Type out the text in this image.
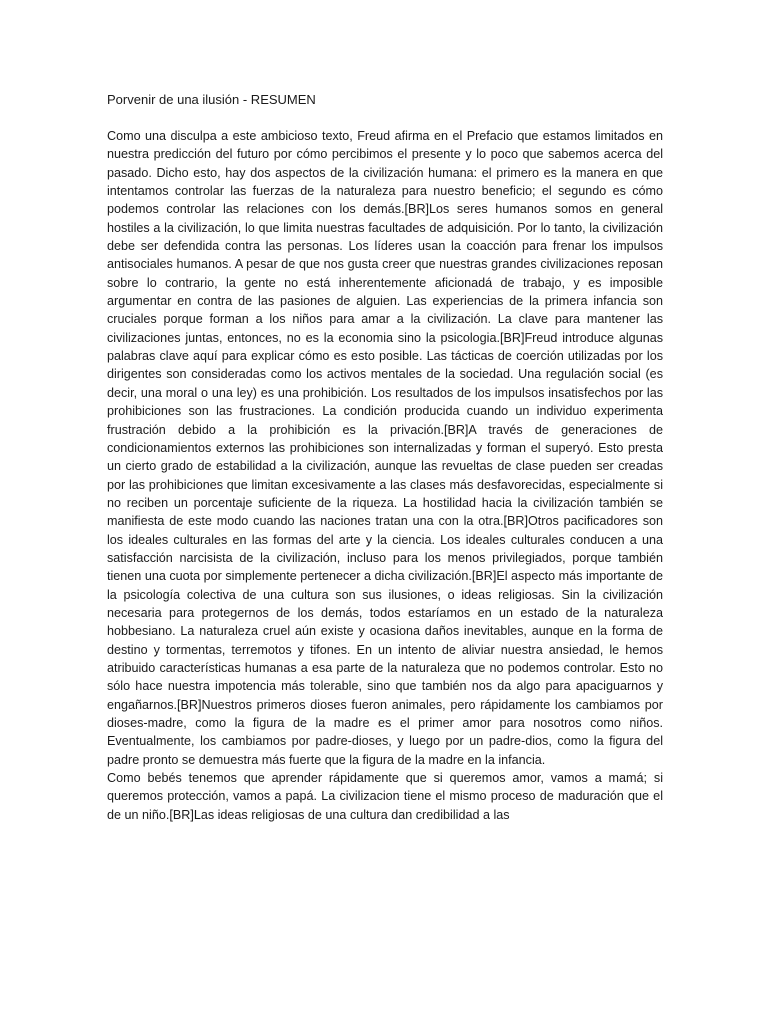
Porvenir de una ilusión - RESUMEN

Como una disculpa a este ambicioso texto, Freud afirma en el Prefacio que estamos limitados en nuestra predicción del futuro por cómo percibimos el presente y lo poco que sabemos acerca del pasado. Dicho esto, hay dos aspectos de la civilización humana: el primero es la manera en que intentamos controlar las fuerzas de la naturaleza para nuestro beneficio; el segundo es cómo podemos controlar las relaciones con los demás.[BR]Los seres humanos somos en general hostiles a la civilización, lo que limita nuestras facultades de adquisición. Por lo tanto, la civilización debe ser defendida contra las personas. Los líderes usan la coacción para frenar los impulsos antisociales humanos. A pesar de que nos gusta creer que nuestras grandes civilizaciones reposan sobre lo contrario, la gente no está inherentemente aficionadá de trabajo, y es imposible argumentar en contra de las pasiones de alguien. Las experiencias de la primera infancia son cruciales porque forman a los niños para amar a la civilización. La clave para mantener las civilizaciones juntas, entonces, no es la economia sino la psicologia.[BR]Freud introduce algunas palabras clave aquí para explicar cómo es esto posible. Las tácticas de coerción utilizadas por los dirigentes son consideradas como los activos mentales de la sociedad. Una regulación social (es decir, una moral o una ley) es una prohibición. Los resultados de los impulsos insatisfechos por las prohibiciones son las frustraciones. La condición producida cuando un individuo experimenta frustración debido a la prohibición es la privación.[BR]A través de generaciones de condicionamientos externos las prohibiciones son internalizadas y forman el superyó. Esto presta un cierto grado de estabilidad a la civilización, aunque las revueltas de clase pueden ser creadas por las prohibiciones que limitan excesivamente a las clases más desfavorecidas, especialmente si no reciben un porcentaje suficiente de la riqueza. La hostilidad hacia la civilización también se manifiesta de este modo cuando las naciones tratan una con la otra.[BR]Otros pacificadores son los ideales culturales en las formas del arte y la ciencia. Los ideales culturales conducen a una satisfacción narcisista de la civilización, incluso para los menos privilegiados, porque también tienen una cuota por simplemente pertenecer a dicha civilización.[BR]El aspecto más importante de la psicología colectiva de una cultura son sus ilusiones, o ideas religiosas. Sin la civilización necesaria para protegernos de los demás, todos estaríamos en un estado de la naturaleza hobbesiano. La naturaleza cruel aún existe y ocasiona daños inevitables, aunque en la forma de destino y tormentas, terremotos y tifones. En un intento de aliviar nuestra ansiedad, le hemos atribuido características humanas a esa parte de la naturaleza que no podemos controlar. Esto no sólo hace nuestra impotencia más tolerable, sino que también nos da algo para apaciguarnos y engañarnos.[BR]Nuestros primeros dioses fueron animales, pero rápidamente los cambiamos por dioses-madre, como la figura de la madre es el primer amor para nosotros como niños. Eventualmente, los cambiamos por padre-dioses, y luego por un padre-dios, como la figura del padre pronto se demuestra más fuerte que la figura de la madre en la infancia.

Como bebés tenemos que aprender rápidamente que si queremos amor, vamos a mamá; si queremos protección, vamos a papá. La civilizacion tiene el mismo proceso de maduración que el de un niño.[BR]Las ideas religiosas de una cultura dan credibilidad a las
